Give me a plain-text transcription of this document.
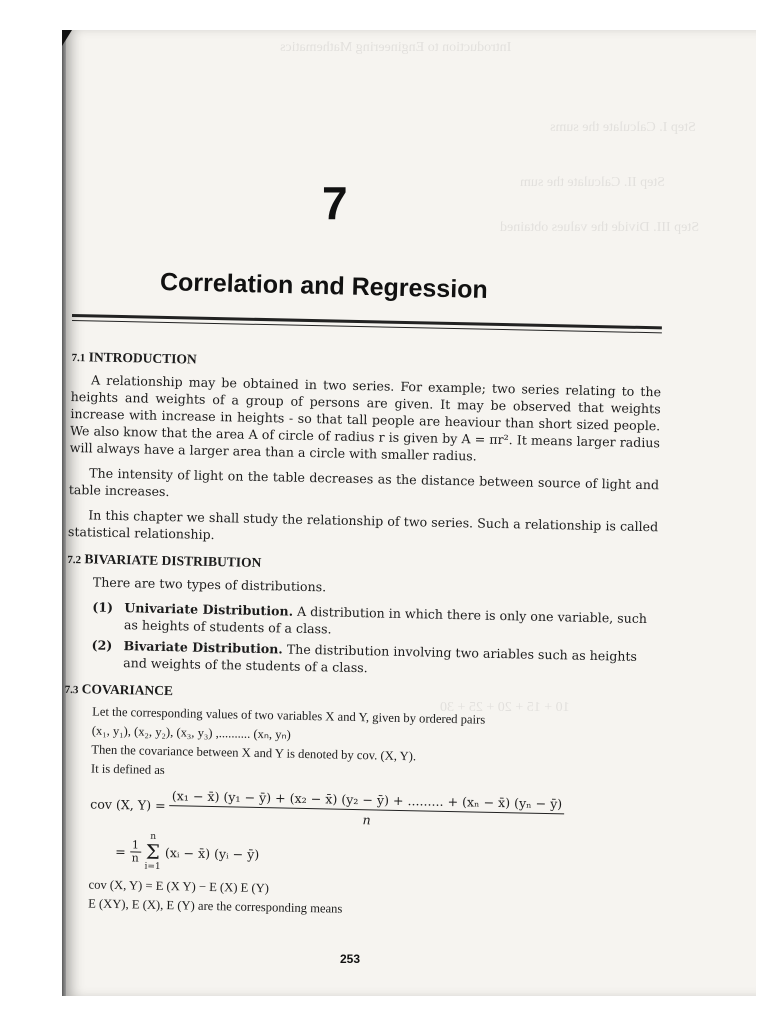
Introduction to Engineering Mathematics
Step I. Calculate the sums
Step II. Calculate the sum
Step III. Divide the values obtained
10 + 15 + 20 + 25 + 30
7
Correlation and Regression
7.1 INTRODUCTION

A relationship may be obtained in two series. For example; two series relating to the heights and weights of a group of persons are given. It may be observed that weights increase with increase in heights - so that tall people are heaviour than short sized people. We also know that the area A of circle of radius r is given by A = πr². It means larger radius will always have a larger area than a circle with smaller radius.

The intensity of light on the table decreases as the distance between source of light and table increases.

In this chapter we shall study the relationship of two series. Such a relationship is called statistical relationship.

7.2 BIVARIATE DISTRIBUTION

There are two types of distributions.

(1) Univariate Distribution. A distribution in which there is only one variable, such as heights of students of a class.
(2) Bivariate Distribution. The distribution involving two ariables such as heights and weights of the students of a class.
7.3 COVARIANCE
Let the corresponding values of two variables X and Y, given by ordered pairs
(x₁, y₁), (x₂, y₂), (x₃, y₃) ,.......... (xₙ, yₙ)
Then the covariance between X and Y is denoted by cov. (X, Y).
It is defined as
cov (X, Y) = (x₁ − x̄) (y₁ − ȳ) + (x₂ − x̄) (y₂ − ȳ) + ......... + (xₙ − x̄) (yₙ − ȳ)
n
= $\frac{1}{n}$
n
Σ
i=1
(xᵢ − x̄) (yᵢ − ȳ)
cov (X, Y) = E (X Y) − E (X) E (Y)
E (XY), E (X), E (Y) are the corresponding means
253
